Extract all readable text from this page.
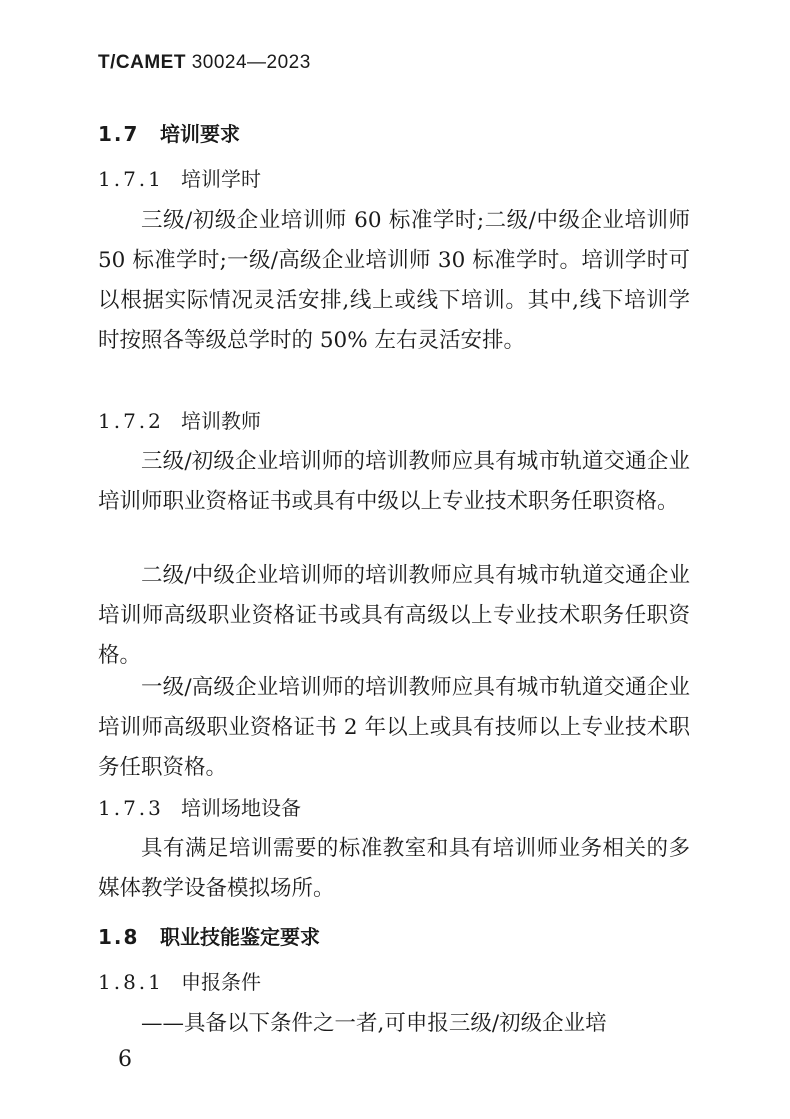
T/CAMET 30024—2023
1.7 培训要求
1.7.1 培训学时

三级/初级企业培训师 60 标准学时;二级/中级企业培训师 50 标准学时;一级/高级企业培训师 30 标准学时。培训学时可以根据实际情况灵活安排,线上或线下培训。其中,线下培训学时按照各等级总学时的 50% 左右灵活安排。

1.7.2 培训教师

三级/初级企业培训师的培训教师应具有城市轨道交通企业培训师职业资格证书或具有中级以上专业技术职务任职资格。

二级/中级企业培训师的培训教师应具有城市轨道交通企业培训师高级职业资格证书或具有高级以上专业技术职务任职资格。

一级/高级企业培训师的培训教师应具有城市轨道交通企业培训师高级职业资格证书 2 年以上或具有技师以上专业技术职务任职资格。

1.7.3 培训场地设备

具有满足培训需要的标准教室和具有培训师业务相关的多媒体教学设备模拟场所。

1.8 职业技能鉴定要求
1.8.1 申报条件

——具备以下条件之一者,可申报三级/初级企业培

6
